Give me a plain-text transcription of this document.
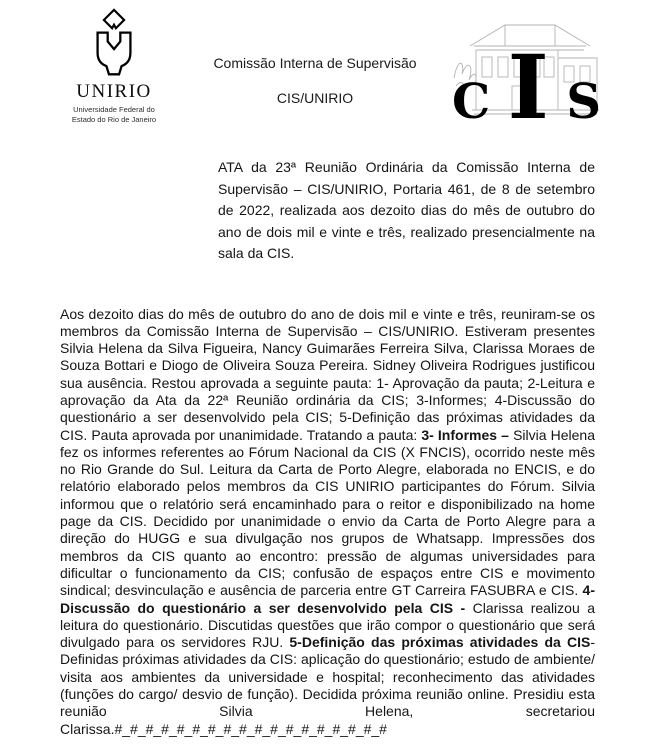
UNIRIO
Universidade Federal do
Estado do Rio de Janeiro
Comissão Interna de Supervisão
CIS/UNIRIO	C I S

ATA da 23ª Reunião Ordinária da Comissão Interna de Supervisão – CIS/UNIRIO, Portaria 461, de 8 de setembro de 2022, realizada aos dezoito dias do mês de outubro do ano de dois mil e vinte e três, realizado presencialmente na sala da CIS.

Aos dezoito dias do mês de outubro do ano de dois mil e vinte e três, reuniram-se os membros da Comissão Interna de Supervisão – CIS/UNIRIO. Estiveram presentes Silvia Helena da Silva Figueira, Nancy Guimarães Ferreira Silva, Clarissa Moraes de Souza Bottari e Diogo de Oliveira Souza Pereira. Sidney Oliveira Rodrigues justificou sua ausência. Restou aprovada a seguinte pauta: 1- Aprovação da pauta; 2-Leitura e aprovação da Ata da 22ª Reunião ordinária da CIS; 3-Informes; 4-Discussão do questionário a ser desenvolvido pela CIS; 5-Definição das próximas atividades da CIS. Pauta aprovada por unanimidade. Tratando a pauta: 3- Informes – Silvia Helena fez os informes referentes ao Fórum Nacional da CIS (X FNCIS), ocorrido neste mês no Rio Grande do Sul. Leitura da Carta de Porto Alegre, elaborada no ENCIS, e do relatório elaborado pelos membros da CIS UNIRIO participantes do Fórum. Silvia informou que o relatório será encaminhado para o reitor e disponibilizado na home page da CIS. Decidido por unanimidade o envio da Carta de Porto Alegre para a direção do HUGG e sua divulgação nos grupos de Whatsapp. Impressões dos membros da CIS quanto ao encontro: pressão de algumas universidades para dificultar o funcionamento da CIS; confusão de espaços entre CIS e movimento sindical; desvinculação e ausência de parceria entre GT Carreira FASUBRA e CIS. 4- Discussão do questionário a ser desenvolvido pela CIS - Clarissa realizou a leitura do questionário. Discutidas questões que irão compor o questionário que será divulgado para os servidores RJU. 5-Definição das próximas atividades da CIS- Definidas próximas atividades da CIS: aplicação do questionário; estudo de ambiente/ visita aos ambientes da universidade e hospital; reconhecimento das atividades (funções do cargo/ desvio de função). Decidida próxima reunião online. Presidiu esta reunião Silvia Helena, secretariou Clarissa.#_#_#_#_#_#_#_#_#_#_#_#_#_#_#_#_#_#
